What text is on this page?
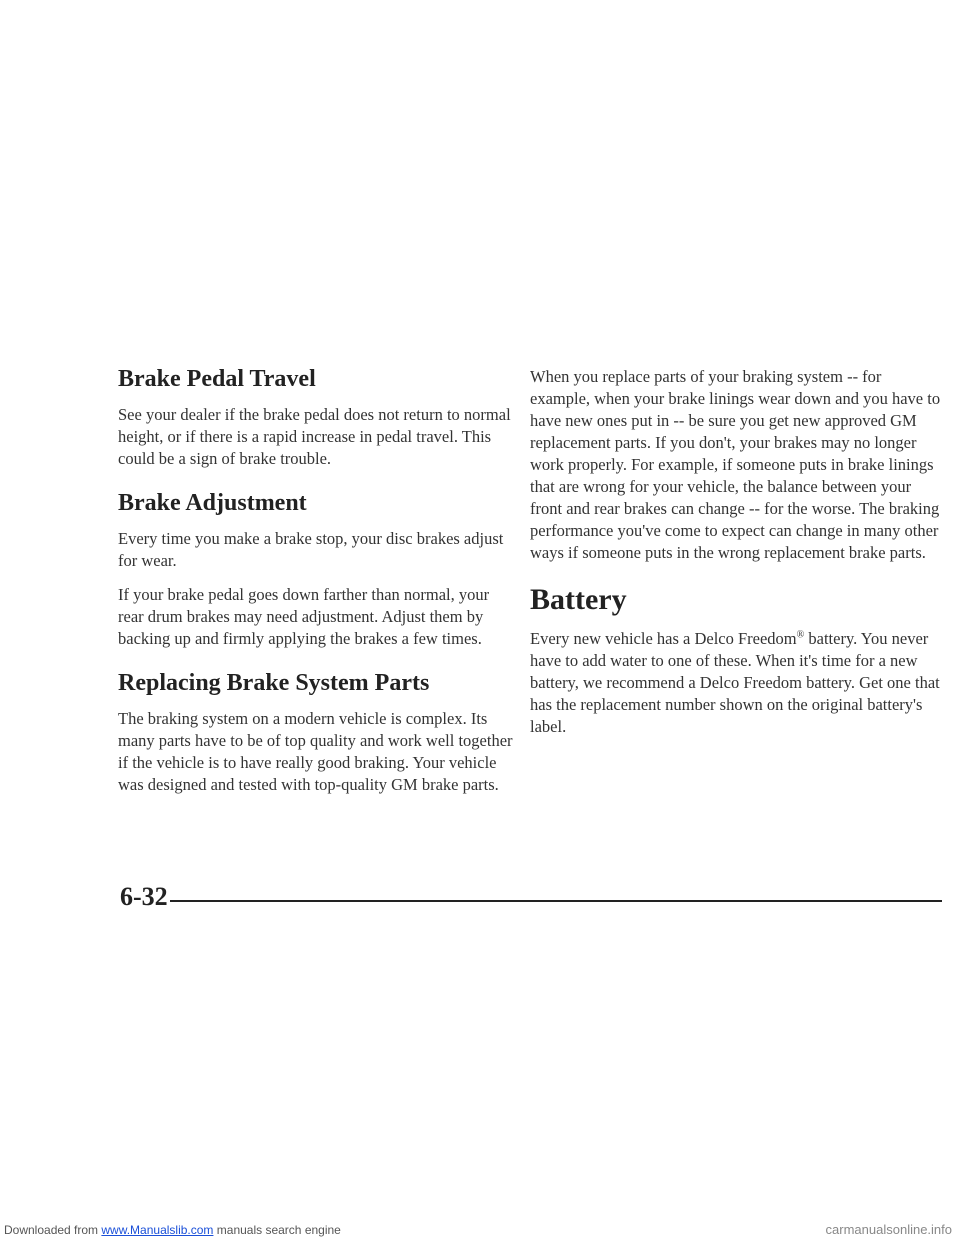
Brake Pedal Travel

See your dealer if the brake pedal does not return to normal height, or if there is a rapid increase in pedal travel. This could be a sign of brake trouble.

Brake Adjustment

Every time you make a brake stop, your disc brakes adjust for wear.

If your brake pedal goes down farther than normal, your rear drum brakes may need adjustment. Adjust them by backing up and firmly applying the brakes a few times.

Replacing Brake System Parts

The braking system on a modern vehicle is complex. Its many parts have to be of top quality and work well together if the vehicle is to have really good braking. Your vehicle was designed and tested with top-quality GM brake parts.

When you replace parts of your braking system -- for example, when your brake linings wear down and you have to have new ones put in -- be sure you get new approved GM replacement parts. If you don't, your brakes may no longer work properly. For example, if someone puts in brake linings that are wrong for your vehicle, the balance between your front and rear brakes can change -- for the worse. The braking performance you've come to expect can change in many other ways if someone puts in the wrong replacement brake parts.

Battery

Every new vehicle has a Delco Freedom® battery. You never have to add water to one of these. When it's time for a new battery, we recommend a Delco Freedom battery. Get one that has the replacement number shown on the original battery's label.

6-32
Downloaded from www.Manualslib.com manuals search engine	carmanualsonline.info
